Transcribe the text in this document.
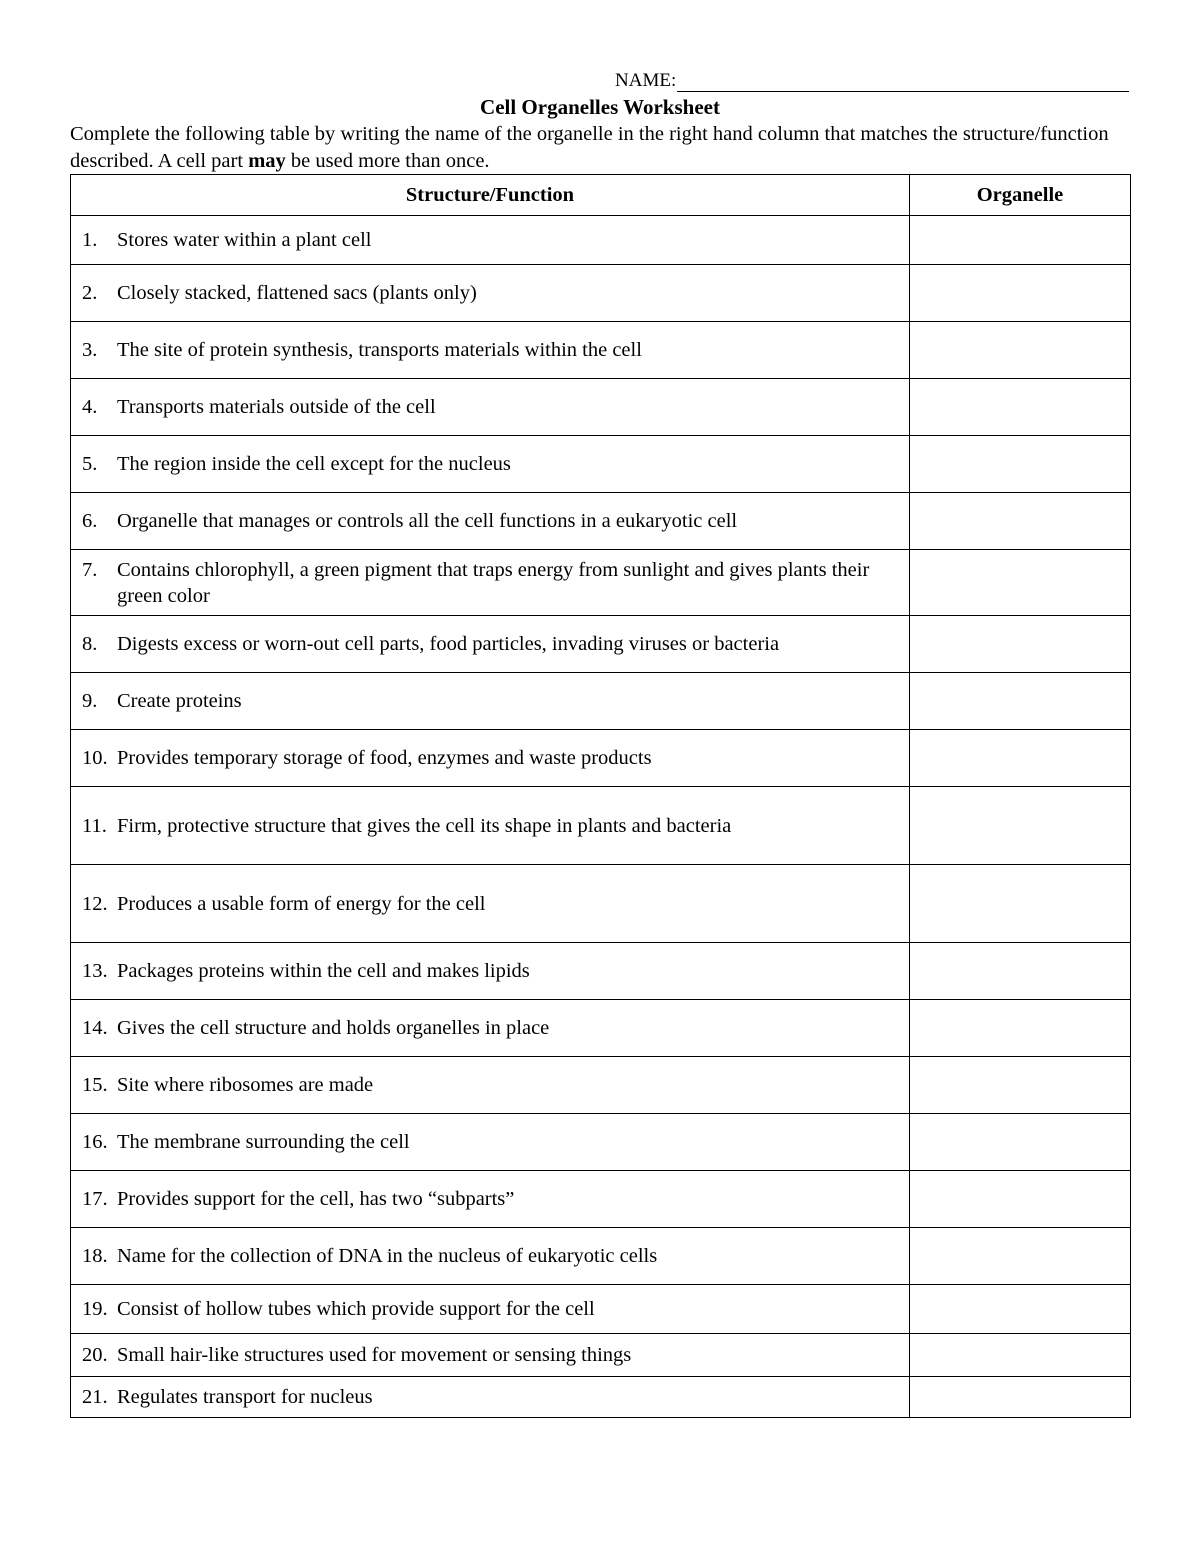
NAME:
Cell Organelles Worksheet
Complete the following table by writing the name of the organelle in the right hand column that matches the structure/function described. A cell part may be used more than once.
Structure/Function	Organelle

1. Stores water within a plant cell	

2. Closely stacked, flattened sacs (plants only)	

3. The site of protein synthesis, transports materials within the cell	

4. Transports materials outside of the cell	

5. The region inside the cell except for the nucleus	

6. Organelle that manages or controls all the cell functions in a eukaryotic cell	

7. Contains chlorophyll, a green pigment that traps energy from sunlight and gives plants their green color	

8. Digests excess or worn-out cell parts, food particles, invading viruses or bacteria	

9. Create proteins	

10. Provides temporary storage of food, enzymes and waste products	

11. Firm, protective structure that gives the cell its shape in plants and bacteria	

12. Produces a usable form of energy for the cell	

13. Packages proteins within the cell and makes lipids	

14. Gives the cell structure and holds organelles in place	

15. Site where ribosomes are made	

16. The membrane surrounding the cell	

17. Provides support for the cell, has two “subparts”	

18. Name for the collection of DNA in the nucleus of eukaryotic cells	

19. Consist of hollow tubes which provide support for the cell	

20. Small hair-like structures used for movement or sensing things	

21. Regulates transport for nucleus	
